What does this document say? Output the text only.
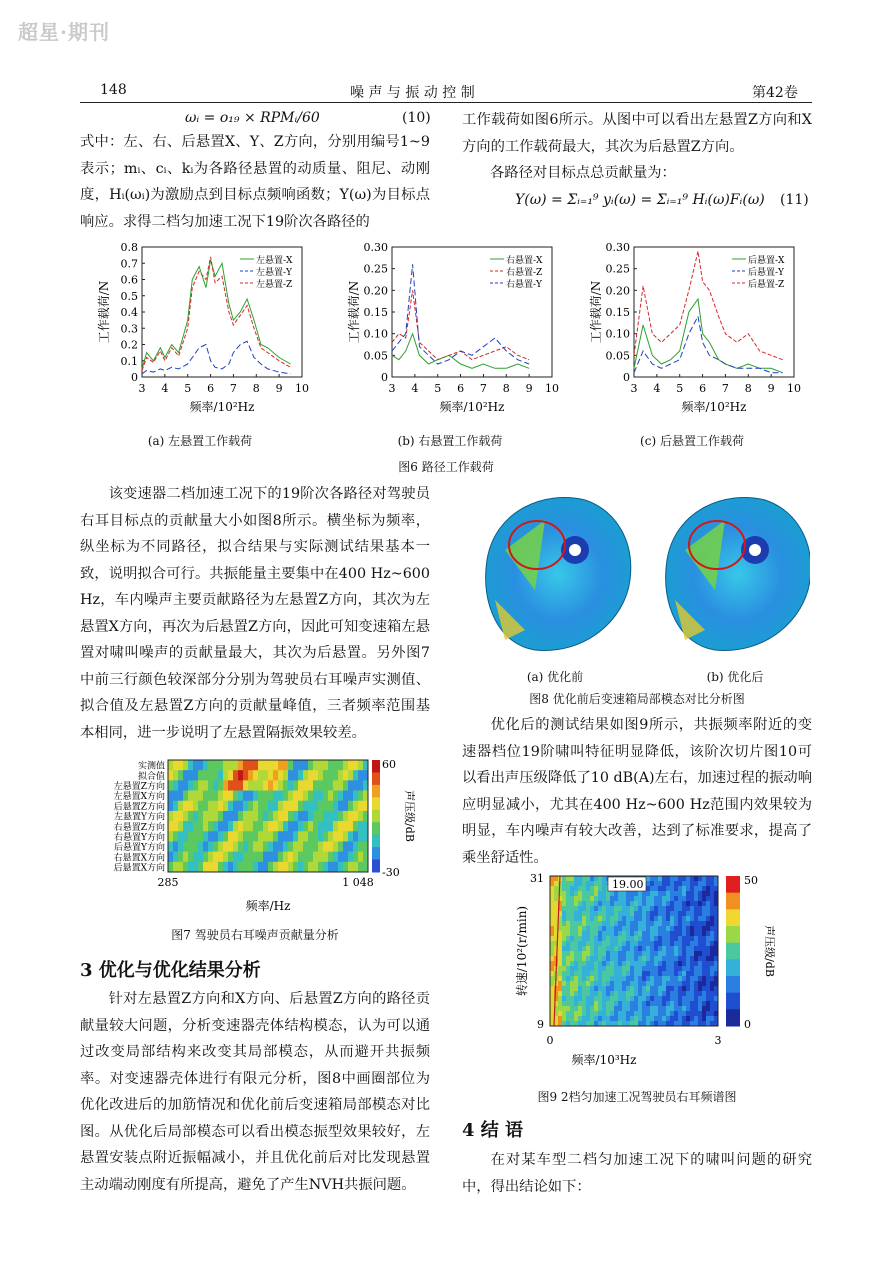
超星·期刊
148	噪 声 与 振 动 控 制	第42卷
ωᵢ = o₁₉ × RPMᵢ/60	(10)
式中：左、右、后悬置X、Y、Z方向，分别用编号1~9表示；mᵢ、cᵢ、kᵢ为各路径悬置的动质量、阻尼、动刚度，Hᵢ(ωᵢ)为激励点到目标点频响函数；Y(ω)为目标点响应。求得二档匀加速工况下19阶次各路径的
工作载荷如图6所示。从图中可以看出左悬置Z方向和X方向的工作载荷最大，其次为后悬置Z方向。
各路径对目标点总贡献量为：
Y(ω) = Σᵢ₌₁⁹ yᵢ(ω) = Σᵢ₌₁⁹ Hᵢ(ω)Fᵢ(ω) (11)
0
0.1
0.2
0.3
0.4
0.5
0.6
0.7
0.8
3 4 5 6 7 8 9 10
左悬置-X
左悬置-Y
左悬置-Z
频率/10²Hz
工作载荷/N
0
0.05
0.10
0.15
0.20
0.25
0.30
3 4 5 6 7 8 9 10
右悬置-X
右悬置-Z
右悬置-Y
频率/10²Hz
工作载荷/N
0
0.05
0.10
0.15
0.20
0.25
0.30
3 4 5 6 7 8 9 10
后悬置-X
后悬置-Y
后悬置-Z
频率/10²Hz
工作载荷/N
(a) 左悬置工作载荷	(b) 右悬置工作载荷	(c) 后悬置工作载荷
图6 路径工作载荷
该变速器二档加速工况下的19阶次各路径对驾驶员右耳目标点的贡献量大小如图8所示。横坐标为频率，纵坐标为不同路径，拟合结果与实际测试结果基本一致，说明拟合可行。共振能量主要集中在400 Hz~600 Hz，车内噪声主要贡献路径为左悬置Z方向，其次为左悬置X方向，再次为后悬置Z方向，因此可知变速箱左悬置对啸叫噪声的贡献量最大，其次为后悬置。另外图7中前三行颜色较深部分分别为驾驶员右耳噪声实测值、拟合值及左悬置Z方向的贡献量峰值，三者频率范围基本相同，进一步说明了左悬置隔振效果较差。
(a) 优化前	(b) 优化后
图8 优化前后变速箱局部模态对比分析图
优化后的测试结果如图9所示，共振频率附近的变速器档位19阶啸叫特征明显降低，该阶次切片图10可以看出声压级降低了10 dB(A)左右，加速过程的振动响应明显减小，尤其在400 Hz~600 Hz范围内效果较为明显，车内噪声有较大改善，达到了标准要求，提高了乘坐舒适性。
实测值
拟合值
左悬置Z方向
左悬置X方向
后悬置Z方向
左悬置Y方向
右悬置Z方向
右悬置Y方向
后悬置Y方向
右悬置X方向
后悬置X方向
285	1 048
频率/Hz
60
-30
声压级/dB
图7 驾驶员右耳噪声贡献量分析
3 优化与优化结果分析
针对左悬置Z方向和X方向、后悬置Z方向的路径贡献量较大问题，分析变速器壳体结构模态，认为可以通过改变局部结构来改变其局部模态，从而避开共振频率。对变速器壳体进行有限元分析，图8中画圈部位为优化改进后的加筋情况和优化前后变速箱局部模态对比图。从优化后局部模态可以看出模态振型效果较好，左悬置安装点附近振幅减小，并且优化前后对比发现悬置主动端动刚度有所提高，避免了产生NVH共振问题。
19.00
31
9
0	3
频率/10³Hz
转速/10²(r/min)
50
0
声压级/dB
图9 2档匀加速工况驾驶员右耳频谱图
4 结 语
在对某车型二档匀加速工况下的啸叫问题的研究中，得出结论如下：
